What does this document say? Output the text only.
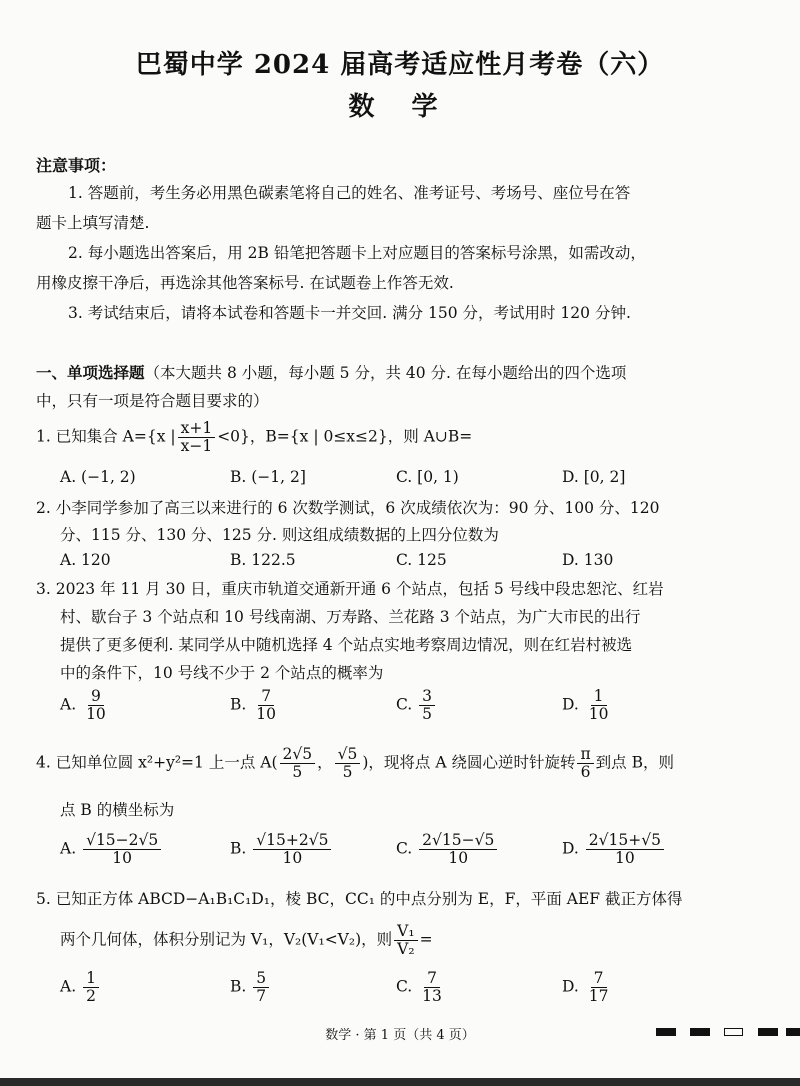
巴蜀中学 2024 届高考适应性月考卷（六）
数 学
注意事项：
1. 答题前，考生务必用黑色碳素笔将自己的姓名、准考证号、考场号、座位号在答
题卡上填写清楚.
2. 每小题选出答案后，用 2B 铅笔把答题卡上对应题目的答案标号涂黑，如需改动，
用橡皮擦干净后，再选涂其他答案标号. 在试题卷上作答无效.
3. 考试结束后，请将本试卷和答题卡一并交回. 满分 150 分，考试用时 120 分钟.
一、单项选择题（本大题共 8 小题，每小题 5 分，共 40 分. 在每小题给出的四个选项
中，只有一项是符合题目要求的）
1. 已知集合 A={x | $\frac{x+1}{x-1} <0$}，B={x | 0≤x≤2}，则 A∪B=
A. (−1, 2)	B. (−1, 2]	C. [0, 1)	D. [0, 2]
2. 小李同学参加了高三以来进行的 6 次数学测试，6 次成绩依次为：90 分、100 分、120
分、115 分、130 分、125 分. 则这组成绩数据的上四分位数为
A. 120	B. 122.5	C. 125	D. 130
3. 2023 年 11 月 30 日，重庆市轨道交通新开通 6 个站点，包括 5 号线中段忠恕沱、红岩
村、歇台子 3 个站点和 10 号线南湖、万寿路、兰花路 3 个站点，为广大市民的出行
提供了更多便利. 某同学从中随机选择 4 个站点实地考察周边情况，则在红岩村被选
中的条件下，10 号线不少于 2 个站点的概率为
A. $\frac{9}{10}$	B. $\frac{7}{10}$	C. $\frac{3}{5}$	D. $\frac{1}{10}$
4. 已知单位圆 x²+y²=1 上一点 $A( \frac{2√5}{5}$ ， $\frac{√5}{5}$ )，现将点 A 绕圆心逆时针旋转 $\frac{\pi}{6}$ 到点 B，则
点 B 的横坐标为
A. $\frac{√15-2√5}{10}$	B. $\frac{√15+2√5}{10}$	C. $\frac{2√15-√5}{10}$	D. $\frac{2√15+√5}{10}$
5. 已知正方体 ABCD−A₁B₁C₁D₁，棱 BC，CC₁ 的中点分别为 E，F，平面 AEF 截正方体得
两个几何体，体积分别记为 V₁，V₂(V₁<V₂)，则 $\frac{\text{V₁}}{\text{V₂}}$ =
A. $\frac{1}{2}$	B. $\frac{5}{7}$	C. $\frac{7}{13}$	D. $\frac{7}{17}$
数学 · 第 1 页（共 4 页）
